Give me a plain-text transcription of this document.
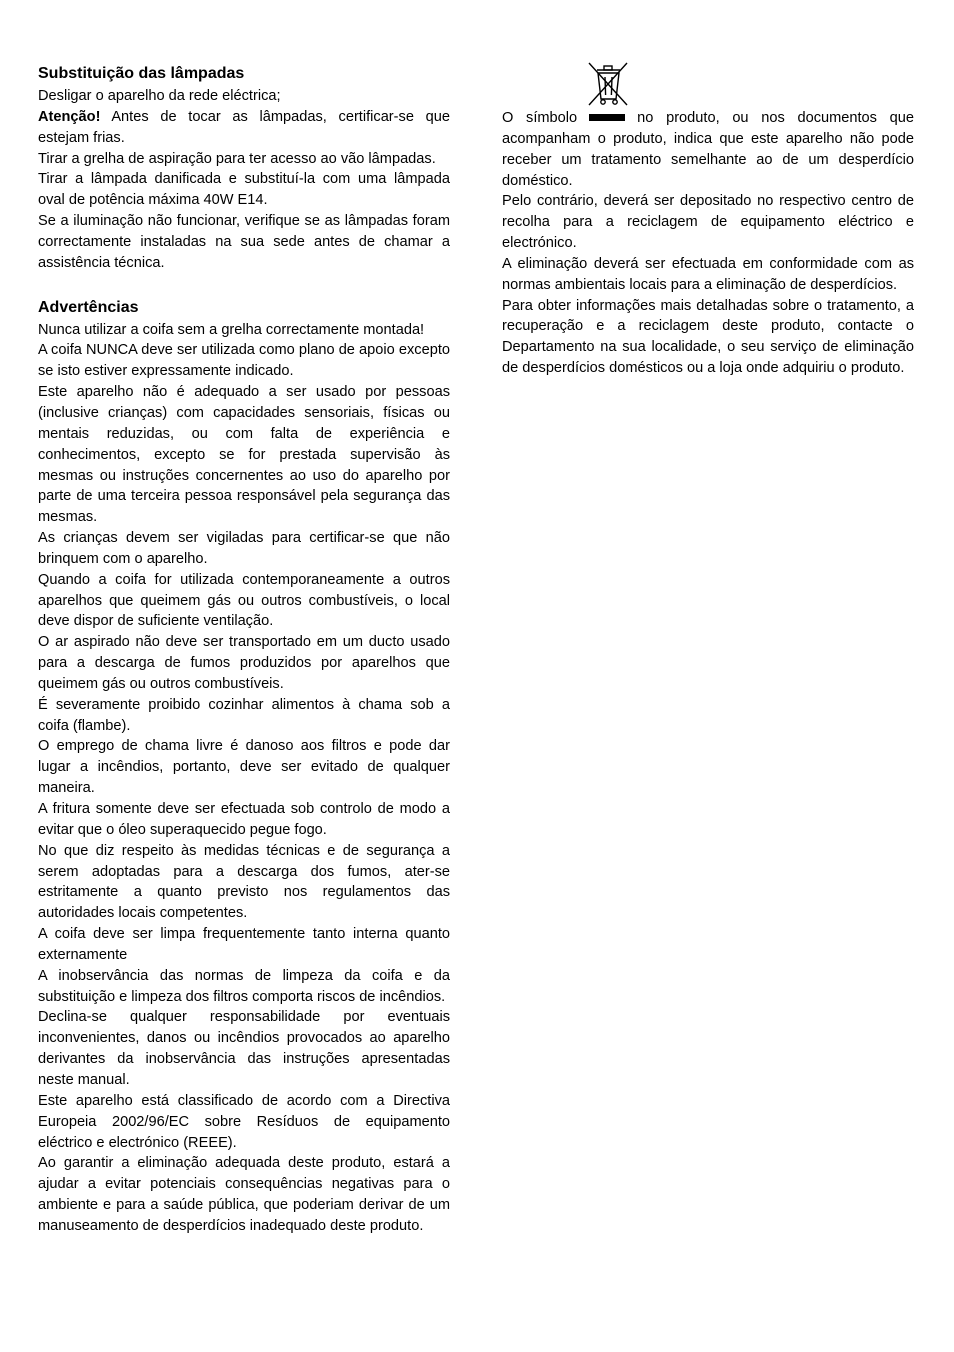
Substituição das lâmpadas

Desligar o aparelho da rede eléctrica;

Atenção! Antes de tocar as lâmpadas, certificar-se que estejam frias.

Tirar a grelha de aspiração para ter acesso ao vão lâmpadas.

Tirar a lâmpada danificada e substituí-la com uma lâmpada oval de potência máxima 40W E14.

Se a iluminação não funcionar, verifique se as lâmpadas foram correctamente instaladas na sua sede antes de chamar a assistência técnica.

Advertências

Nunca utilizar a coifa sem a grelha correctamente montada!

A coifa NUNCA deve ser utilizada como plano de apoio excepto se isto estiver expressamente indicado.

Este aparelho não é adequado a ser usado por pessoas (inclusive crianças) com capacidades sensoriais, físicas ou mentais reduzidas, ou com falta de experiência e conhecimentos, excepto se for prestada supervisão às mesmas ou instruções concernentes ao uso do aparelho por parte de uma terceira pessoa responsável pela segurança das mesmas.

As crianças devem ser vigiladas para certificar-se que não brinquem com o aparelho.

Quando a coifa for utilizada contemporaneamente a outros aparelhos que queimem gás ou outros combustíveis, o local deve dispor de suficiente ventilação.

O ar aspirado não deve ser transportado em um ducto usado para a descarga de fumos produzidos por aparelhos que queimem gás ou outros combustíveis.

É severamente proibido cozinhar alimentos à chama sob a coifa (flambe).

O emprego de chama livre é danoso aos filtros e pode dar lugar a incêndios, portanto, deve ser evitado de qualquer maneira.

A fritura somente deve ser efectuada sob controlo de modo a evitar que o óleo superaquecido pegue fogo.

No que diz respeito às medidas técnicas e de segurança a serem adoptadas para a descarga dos fumos, ater-se estritamente a quanto previsto nos regulamentos das autoridades locais competentes.

A coifa deve ser limpa frequentemente tanto interna quanto externamente

A inobservância das normas de limpeza da coifa e da substituição e limpeza dos filtros comporta riscos de incêndios.

Declina-se qualquer responsabilidade por eventuais inconvenientes, danos ou incêndios provocados ao aparelho derivantes da inobservância das instruções apresentadas neste manual.

Este aparelho está classificado de acordo com a Directiva Europeia 2002/96/EC sobre Resíduos de equipamento eléctrico e electrónico (REEE).

Ao garantir a eliminação adequada deste produto, estará a ajudar a evitar potenciais consequências negativas para o ambiente e para a saúde pública, que poderiam derivar de um manuseamento de desperdícios inadequado deste produto.

O símbolo	no produto, ou nos documentos que acompanham o produto, indica que este aparelho não pode receber um tratamento semelhante ao de um desperdício doméstico.

Pelo contrário, deverá ser depositado no respectivo centro de recolha para a reciclagem de equipamento eléctrico e electrónico.

A eliminação deverá ser efectuada em conformidade com as normas ambientais locais para a eliminação de desperdícios.

Para obter informações mais detalhadas sobre o tratamento, a recuperação e a reciclagem deste produto, contacte o Departamento na sua localidade, o seu serviço de eliminação de desperdícios domésticos ou a loja onde adquiriu o produto.
